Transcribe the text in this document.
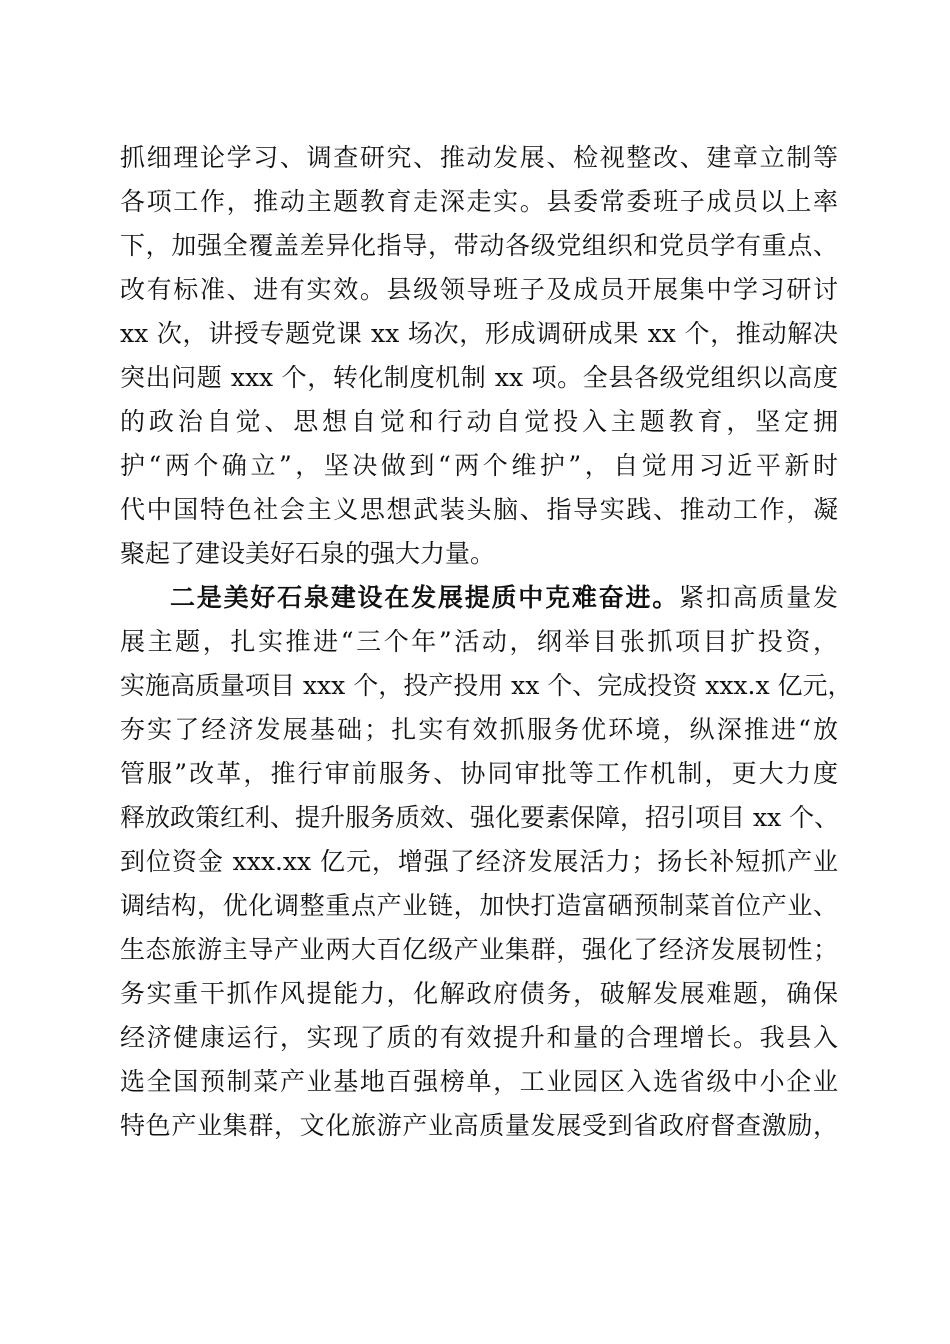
抓细理论学习、调查研究、推动发展、检视整改、建章立制等
各项工作，推动主题教育走深走实。县委常委班子成员以上率
下，加强全覆盖差异化指导，带动各级党组织和党员学有重点、
改有标准、进有实效。县级领导班子及成员开展集中学习研讨
xx 次，讲授专题党课 xx 场次，形成调研成果 xx 个，推动解决
突出问题 xxx 个，转化制度机制 xx 项。全县各级党组织以高度
的政治自觉、思想自觉和行动自觉投入主题教育，坚定拥
护“两个确立”，坚决做到“两个维护”，自觉用习近平新时
代中国特色社会主义思想武装头脑、指导实践、推动工作，凝
聚起了建设美好石泉的强大力量。
二是美好石泉建设在发展提质中克难奋进。紧扣高质量发
展主题，扎实推进“三个年”活动，纲举目张抓项目扩投资，
实施高质量项目 xxx 个，投产投用 xx 个、完成投资 xxx.x 亿元，
夯实了经济发展基础；扎实有效抓服务优环境，纵深推进“放
管服”改革，推行审前服务、协同审批等工作机制，更大力度
释放政策红利、提升服务质效、强化要素保障，招引项目 xx 个、
到位资金 xxx.xx 亿元，增强了经济发展活力；扬长补短抓产业
调结构，优化调整重点产业链，加快打造富硒预制菜首位产业、
生态旅游主导产业两大百亿级产业集群，强化了经济发展韧性；
务实重干抓作风提能力，化解政府债务，破解发展难题，确保
经济健康运行，实现了质的有效提升和量的合理增长。我县入
选全国预制菜产业基地百强榜单，工业园区入选省级中小企业
特色产业集群，文化旅游产业高质量发展受到省政府督查激励，
